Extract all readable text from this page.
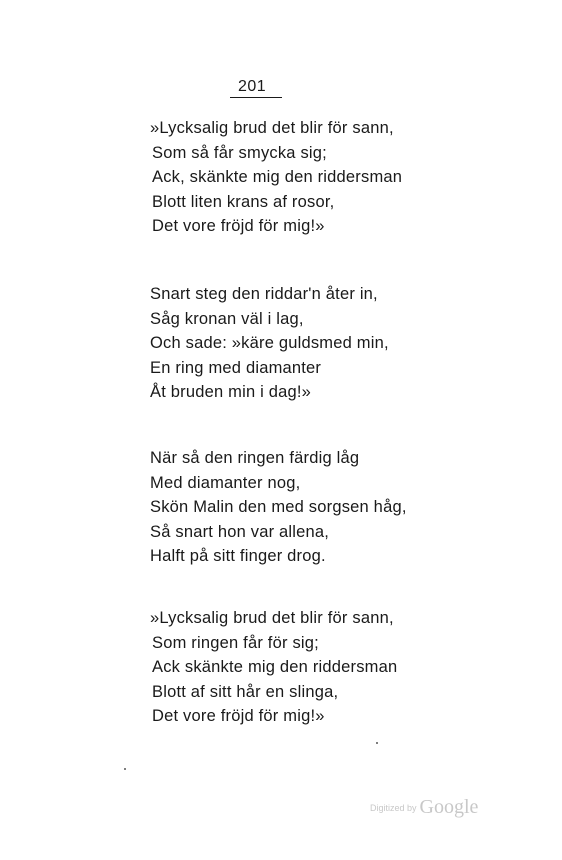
201
»Lycksalig brud det blir för sann,
Som så får smycka sig;
Ack, skänkte mig den riddersman
Blott liten krans af rosor,
Det vore fröjd för mig!»
Snart steg den riddar'n åter in,
Såg kronan väl i lag,
Och sade: »käre guldsmed min,
En ring med diamanter
Åt bruden min i dag!»
När så den ringen färdig låg
Med diamanter nog,
Skön Malin den med sorgsen håg,
Så snart hon var allena,
Halft på sitt finger drog.
»Lycksalig brud det blir för sann,
Som ringen får för sig;
Ack skänkte mig den riddersman
Blott af sitt hår en slinga,
Det vore fröjd för mig!»
Digitized by Google
